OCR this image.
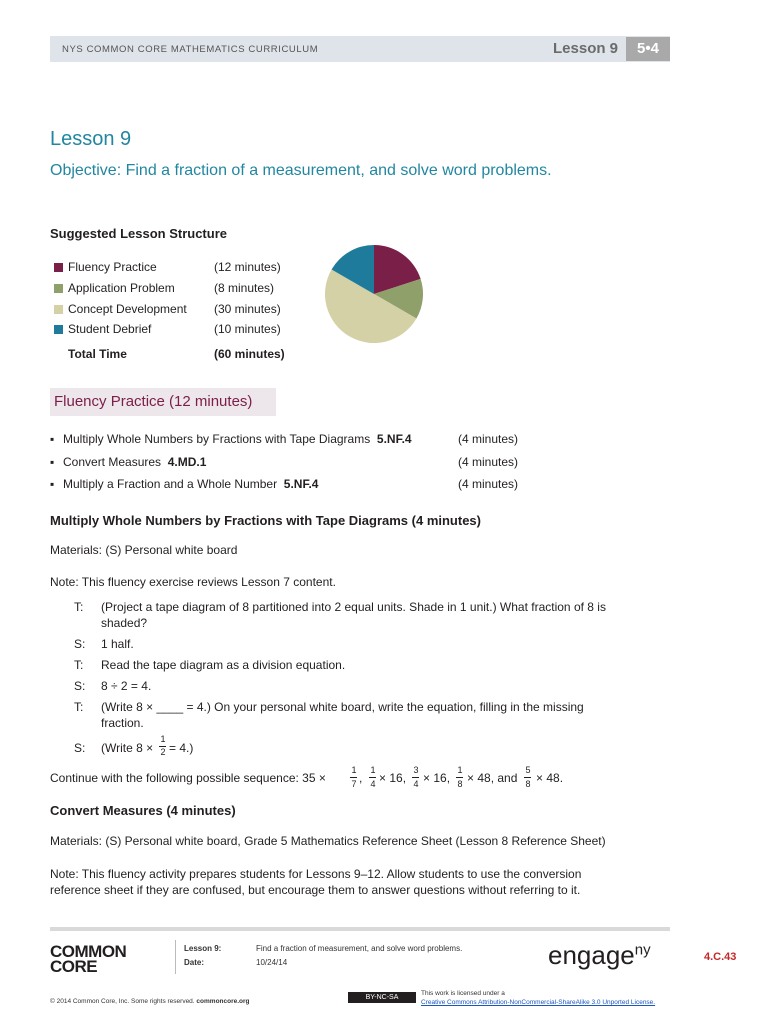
NYS COMMON CORE MATHEMATICS CURRICULUM	Lesson 9	5•4
Lesson 9
Objective: Find a fraction of a measurement, and solve word problems.
Suggested Lesson Structure
Fluency Practice	(12 minutes)
Application Problem	(8 minutes)
Concept Development (30 minutes)
Student Debrief	(10 minutes)
Total Time	(60 minutes)
Fluency Practice (12 minutes)
▪ Multiply Whole Numbers by Fractions with Tape Diagrams 5.NF.4	(4 minutes)
▪ Convert Measures 4.MD.1	(4 minutes)
▪ Multiply a Fraction and a Whole Number 5.NF.4	(4 minutes)
Multiply Whole Numbers by Fractions with Tape Diagrams (4 minutes)
Materials: (S) Personal white board
Note: This fluency exercise reviews Lesson 7 content.
T: (Project a tape diagram of 8 partitioned into 2 equal units. Shade in 1 unit.) What fraction of 8 is
shaded?
S: 1 half.
T: Read the tape diagram as a division equation.
S: 8 ÷ 2 = 4.
T: (Write 8 × ____ = 4.) On your personal white board, write the equation, filling in the missing
fraction.
S: (Write 8 ×
1
2 = 4.)
Continue with the following possible sequence: 35 ×
1
7 ,
1
4 × 16,
3
4 × 16,
1
8 × 48, and
5
8 × 48.
Convert Measures (4 minutes)
Materials: (S) Personal white board, Grade 5 Mathematics Reference Sheet (Lesson 8 Reference Sheet)
Note: This fluency activity prepares students for Lessons 9–12. Allow students to use the conversion
reference sheet if they are confused, but encourage them to answer questions without referring to it.
COMMON
CORE
Lesson 9:	Find a fraction of measurement, and solve word problems.
Date:	10/24/14	engage$^{ny}$	4.C.43
© 2014 Common Core, Inc. Some rights reserved. commoncore.org
BY-NC-SA
This work is licensed under a
Creative Commons Attribution-NonCommercial-ShareAlike 3.0 Unported License.
